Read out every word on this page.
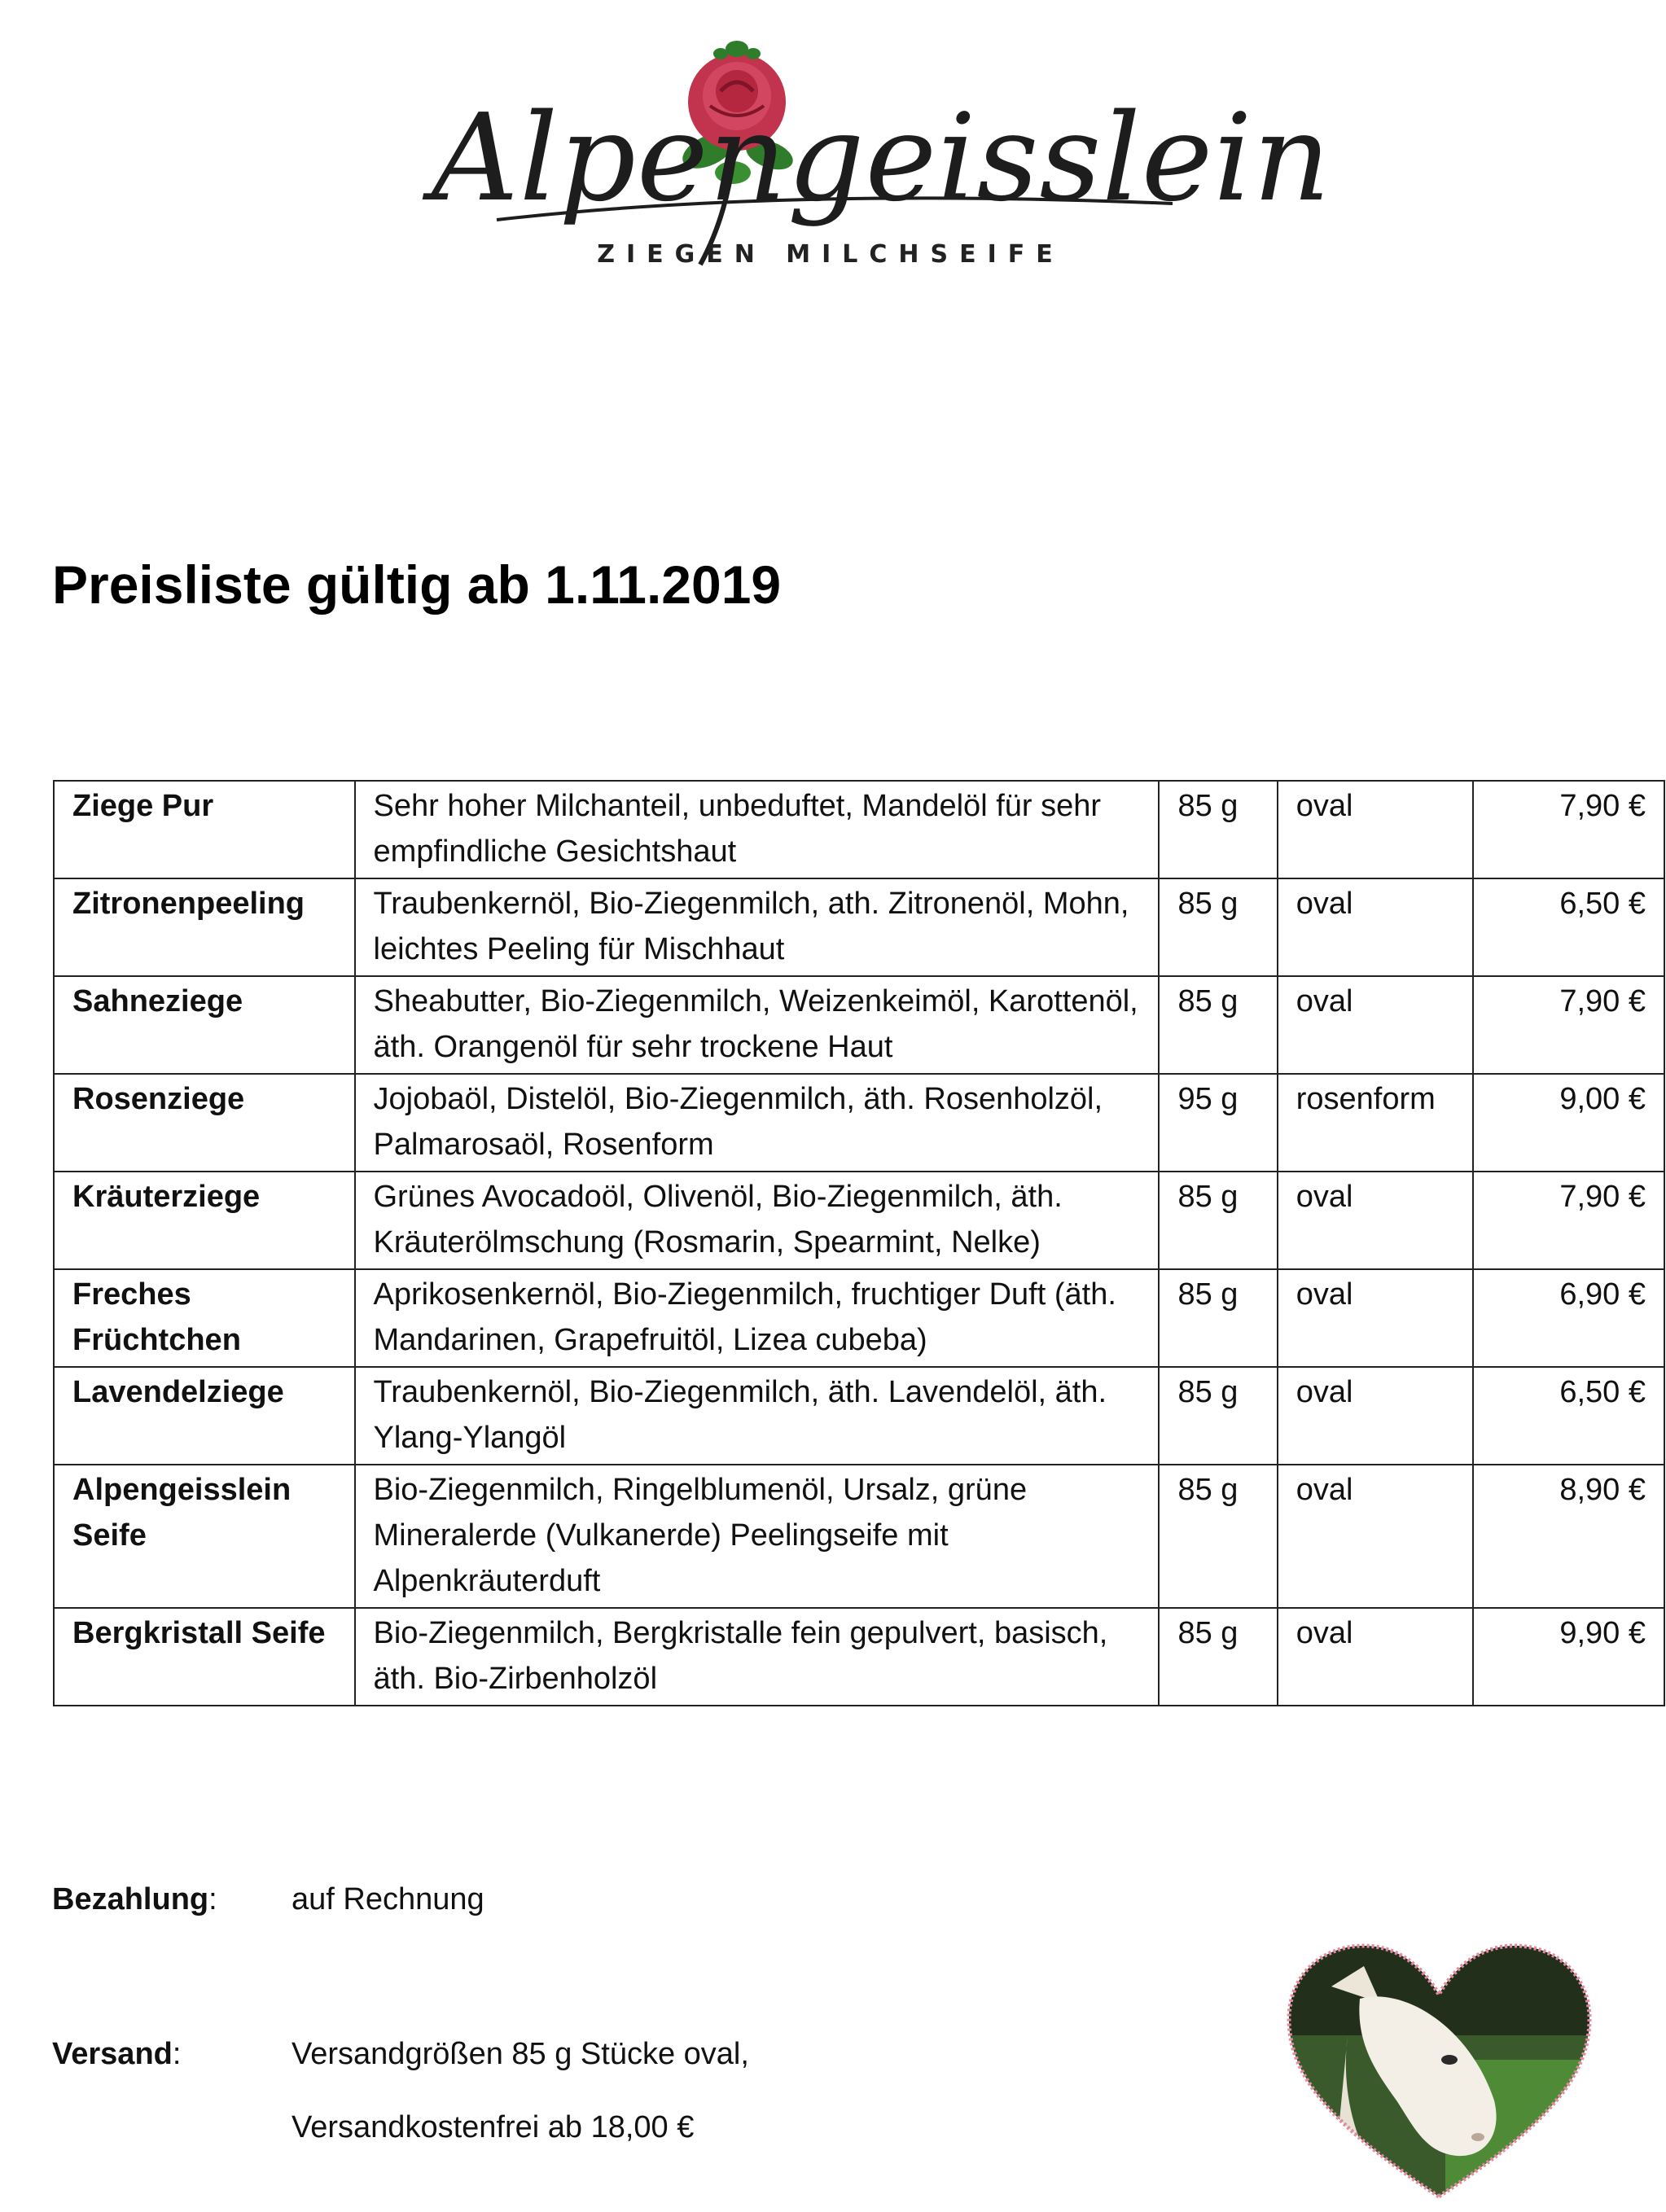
Alpengeisslein
ZIEGEN MILCHSEIFE
Preisliste gültig ab 1.11.2019
Ziege Pur	Sehr hoher Milchanteil, unbeduftet, Mandelöl für sehr empfindliche Gesichtshaut	85 g	oval	7,90 €
Zitronenpeeling	Traubenkernöl, Bio-Ziegenmilch, ath. Zitronenöl, Mohn, leichtes Peeling für Mischhaut	85 g	oval	6,50 €
Sahneziege	Sheabutter, Bio-Ziegenmilch, Weizenkeimöl, Karottenöl, äth. Orangenöl für sehr trockene Haut	85 g	oval	7,90 €
Rosenziege	Jojobaöl, Distelöl, Bio-Ziegenmilch, äth. Rosenholzöl, Palmarosaöl, Rosenform	95 g	rosenform	9,00 €
Kräuterziege	Grünes Avocadoöl, Olivenöl, Bio-Ziegenmilch, äth. Kräuterölmschung (Rosmarin, Spearmint, Nelke)	85 g	oval	7,90 €
Freches Früchtchen	Aprikosenkernöl, Bio-Ziegenmilch, fruchtiger Duft (äth. Mandarinen, Grapefruitöl, Lizea cubeba)	85 g	oval	6,90 €
Lavendelziege	Traubenkernöl, Bio-Ziegenmilch, äth. Lavendelöl, äth. Ylang-Ylangöl	85 g	oval	6,50 €
Alpengeisslein Seife	Bio-Ziegenmilch, Ringelblumenöl, Ursalz, grüne Mineralerde (Vulkanerde) Peelingseife mit Alpenkräuterduft	85 g	oval	8,90 €
Bergkristall Seife	Bio-Ziegenmilch, Bergkristalle fein gepulvert, basisch, äth. Bio-Zirbenholzöl	85 g	oval	9,90 €
Bezahlung: auf Rechnung
Versand:	Versandgrößen 85 g Stücke oval,
Versandkostenfrei ab 18,00 €
